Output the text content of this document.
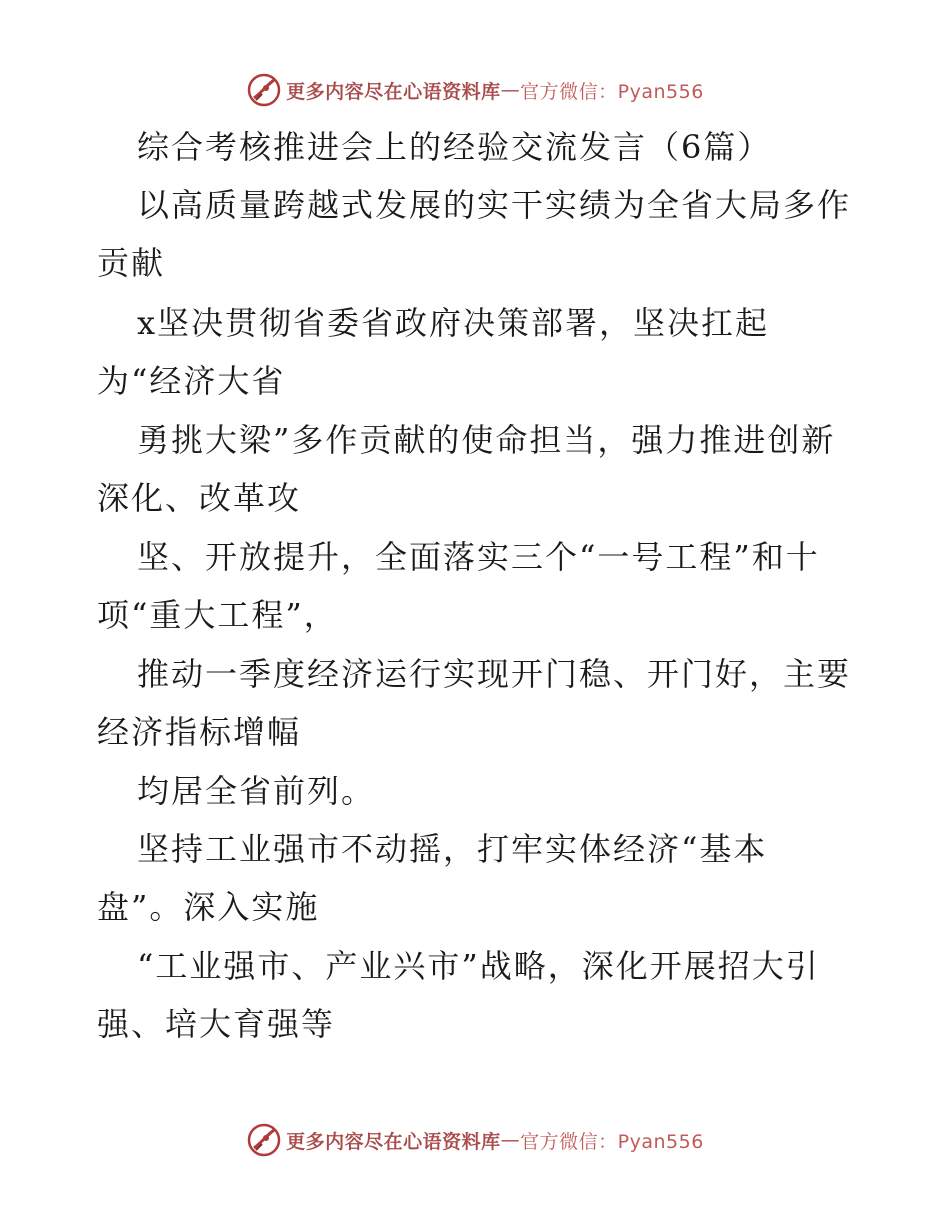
更多内容尽在心语资料库 — 官方微信：Pyan556
综合考核推进会上的经验交流发言（6篇）
以高质量跨越式发展的实干实绩为全省大局多作
贡献
x坚决贯彻省委省政府决策部署，坚决扛起
为“经济大省
勇挑大梁”多作贡献的使命担当，强力推进创新
深化、改革攻
坚、开放提升，全面落实三个“一号工程”和十
项“重大工程”，
推动一季度经济运行实现开门稳、开门好，主要
经济指标增幅
均居全省前列。
坚持工业强市不动摇，打牢实体经济“基本
盘”。深入实施
“工业强市、产业兴市”战略，深化开展招大引
强、培大育强等
更多内容尽在心语资料库 — 官方微信：Pyan556
